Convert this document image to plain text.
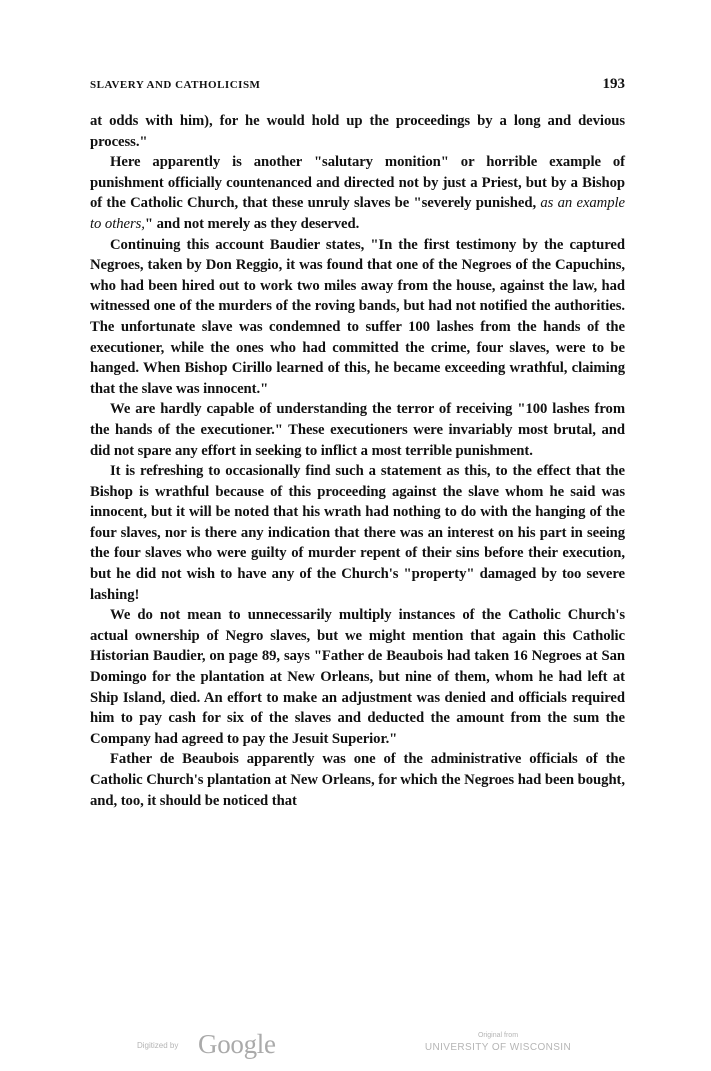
SLAVERY AND CATHOLICISM	193

at odds with him), for he would hold up the proceedings by a long and devious process."

Here apparently is another "salutary monition" or horrible example of punishment officially countenanced and directed not by just a Priest, but by a Bishop of the Catholic Church, that these unruly slaves be "severely punished, as an example to others," and not merely as they deserved.

Continuing this account Baudier states, "In the first testimony by the captured Negroes, taken by Don Reggio, it was found that one of the Negroes of the Capuchins, who had been hired out to work two miles away from the house, against the law, had witnessed one of the murders of the roving bands, but had not notified the authorities. The unfortunate slave was condemned to suffer 100 lashes from the hands of the executioner, while the ones who had committed the crime, four slaves, were to be hanged. When Bishop Cirillo learned of this, he became exceeding wrathful, claiming that the slave was innocent."

We are hardly capable of understanding the terror of receiving "100 lashes from the hands of the executioner." These executioners were invariably most brutal, and did not spare any effort in seeking to inflict a most terrible punishment.

It is refreshing to occasionally find such a statement as this, to the effect that the Bishop is wrathful because of this proceeding against the slave whom he said was innocent, but it will be noted that his wrath had nothing to do with the hanging of the four slaves, nor is there any indication that there was an interest on his part in seeing the four slaves who were guilty of murder repent of their sins before their execution, but he did not wish to have any of the Church's "property" damaged by too severe lashing!

We do not mean to unnecessarily multiply instances of the Catholic Church's actual ownership of Negro slaves, but we might mention that again this Catholic Historian Baudier, on page 89, says "Father de Beaubois had taken 16 Negroes at San Domingo for the plantation at New Orleans, but nine of them, whom he had left at Ship Island, died. An effort to make an adjustment was denied and officials required him to pay cash for six of the slaves and deducted the amount from the sum the Company had agreed to pay the Jesuit Superior."

Father de Beaubois apparently was one of the administrative officials of the Catholic Church's plantation at New Orleans, for which the Negroes had been bought, and, too, it should be noticed that

Digitized by Google	Original from
UNIVERSITY OF WISCONSIN
